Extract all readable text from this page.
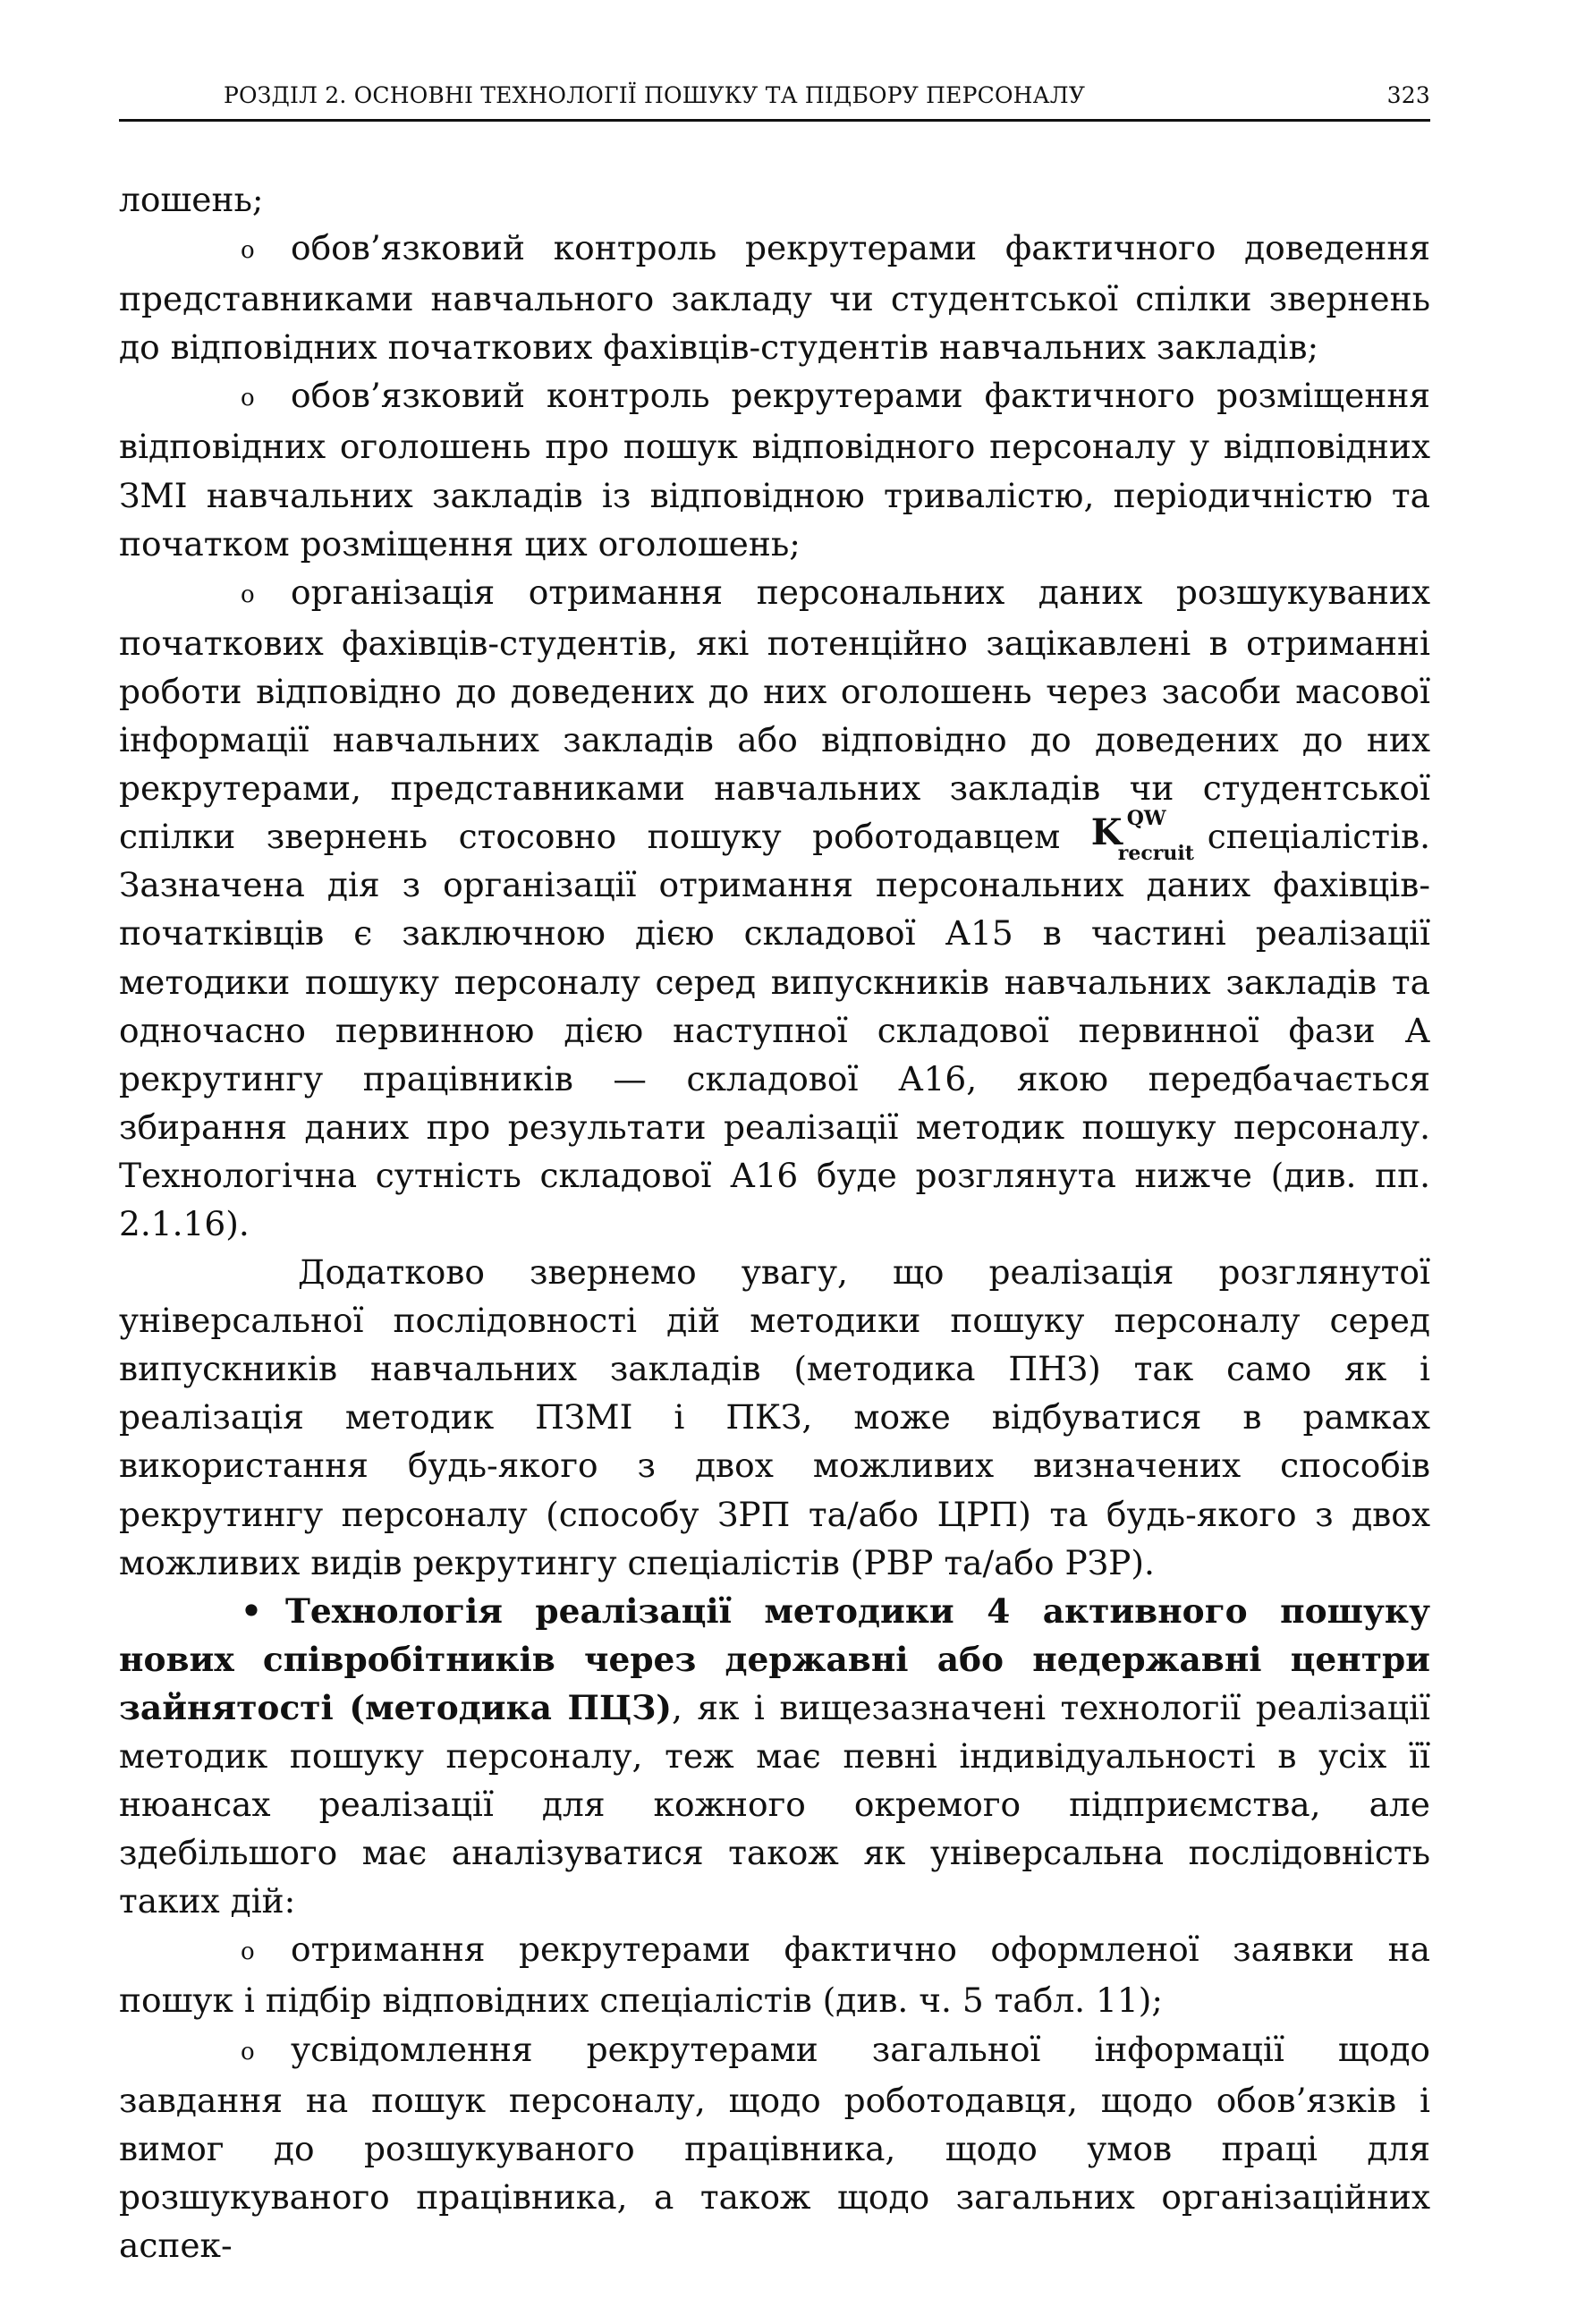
РОЗДІЛ 2. ОСНОВНІ ТЕХНОЛОГІЇ ПОШУКУ ТА ПІДБОРУ ПЕРСОНАЛУ	323

лошень;

o обов’язковий контроль рекрутерами фактичного доведення представниками навчального закладу чи студентської спілки звернень до відповідних початкових фахівців-студентів навчальних закладів;

o обов’язковий контроль рекрутерами фактичного розміщення відповідних оголошень про пошук відповідного персоналу у відповідних ЗМІ навчальних закладів із відповідною тривалістю, періодичністю та початком розміщення цих оголошень;

o організація отримання персональних даних розшукуваних початкових фахівців-студентів, які потенційно зацікавлені в отриманні роботи відповідно до доведених до них оголошень через засоби масової інформації навчальних закладів або відповідно до доведених до них рекрутерами, представниками навчальних закладів чи студентської спілки звернень стосовно пошуку роботодавцем K QW
recruit спеціалістів. Зазначена дія з організації отримання персональних даних фахівців-початківців є заключною дією складової А15 в частині реалізації методики пошуку персоналу серед випускників навчальних закладів та одночасно первинною дією наступної складової первинної фази А рекрутингу працівників — складової А16, якою передбачається збирання даних про результати реалізації методик пошуку персоналу. Технологічна сутність складової А16 буде розглянута нижче (див. пп. 2.1.16).

Додатково звернемо увагу, що реалізація розглянутої універсальної послідовності дій методики пошуку персоналу серед випускників навчальних закладів (методика ПНЗ) так само як і реалізація методик ПЗМІ і ПКЗ, може відбуватися в рамках використання будь-якого з двох можливих визначених способів рекрутингу персоналу (способу ЗРП та/або ЦРП) та будь-якого з двох можливих видів рекрутингу спеціалістів (РВР та/або РЗР).

• Технологія реалізації методики 4 активного пошуку нових співробітників через державні або недержавні центри зайнятості (методика ПЦЗ), як і вищезазначені технології реалізації методик пошуку персоналу, теж має певні індивідуальності в усіх її нюансах реалізації для кожного окремого підприємства, але здебільшого має аналізуватися також як універсальна послідовність таких дій:

o отримання рекрутерами фактично оформленої заявки на пошук і підбір відповідних спеціалістів (див. ч. 5 табл. 11);

o усвідомлення рекрутерами загальної інформації щодо завдання на пошук персоналу, щодо роботодавця, щодо обов’язків і вимог до розшукуваного працівника, щодо умов праці для розшукуваного працівника, а також щодо загальних організаційних аспек-
